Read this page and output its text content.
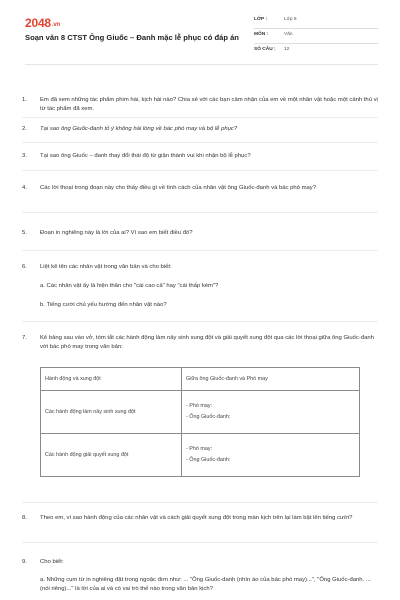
2048.vn
Soạn văn 8 CTST Ông Giuốc – Đanh mặc lễ phục có đáp án
LỚP :	Lớp 8
MÔN :	Văn
SỐ CÂU : 12
1. Em đã xem những tác phẩm phim hài, kịch hài nào? Chia sẻ với các bạn cảm nhận của em về một nhân vật hoặc một cảnh thú vị từ tác phẩm đã xem.
2. Tại sao ông Giuốc-đanh tỏ ý không hài lòng về bác phó may và bộ lễ phục?
3. Tại sao ông Giuốc – đanh thay đổi thái độ từ giận thành vui khi nhận bộ lễ phục?
4. Các lời thoại trong đoạn này cho thấy điều gì về tính cách của nhân vật ông Giuốc-đanh và bác phó may?
5. Đoạn in nghiêng này là lời của ai? Vì sao em biết điều đó?
6. Liệt kê tên các nhân vật trong văn bản và cho biết:
a. Các nhân vật ấy là hiện thân cho "cái cao cả" hay "cái thấp kém"?
b. Tiếng cười chủ yếu hướng đến nhân vật nào?
7. Kẻ bảng sau vào vở, tóm tắt các hành động làm nảy sinh xung đột và giải quyết xung đột qua các lời thoại giữa ông Giuốc-đanh với bác phó may trong văn bản:
Hành động và xung đột	Giữa ông Giuốc-đanh và Phó may
Các hành động làm nảy sinh xung đột	- Phó may:
- Ông Giuốc-đanh:

Các hành động giải quyết xung đột	- Phó may:
- Ông Giuốc-đanh:
8. Theo em, vì sao hành động của các nhân vật và cách giải quyết xung đột trong màn kịch trên lại làm bật lên tiếng cười?
9. Cho biết:
a. Những cụm từ in nghiêng đặt trong ngoặc đơn như: ... "Ông Giuốc-đanh (nhìn áo của bác phó may)...", "Ông Giuốc-đanh. ... (nói riêng)..." là lời của ai và có vai trò thế nào trong văn bản kịch?
